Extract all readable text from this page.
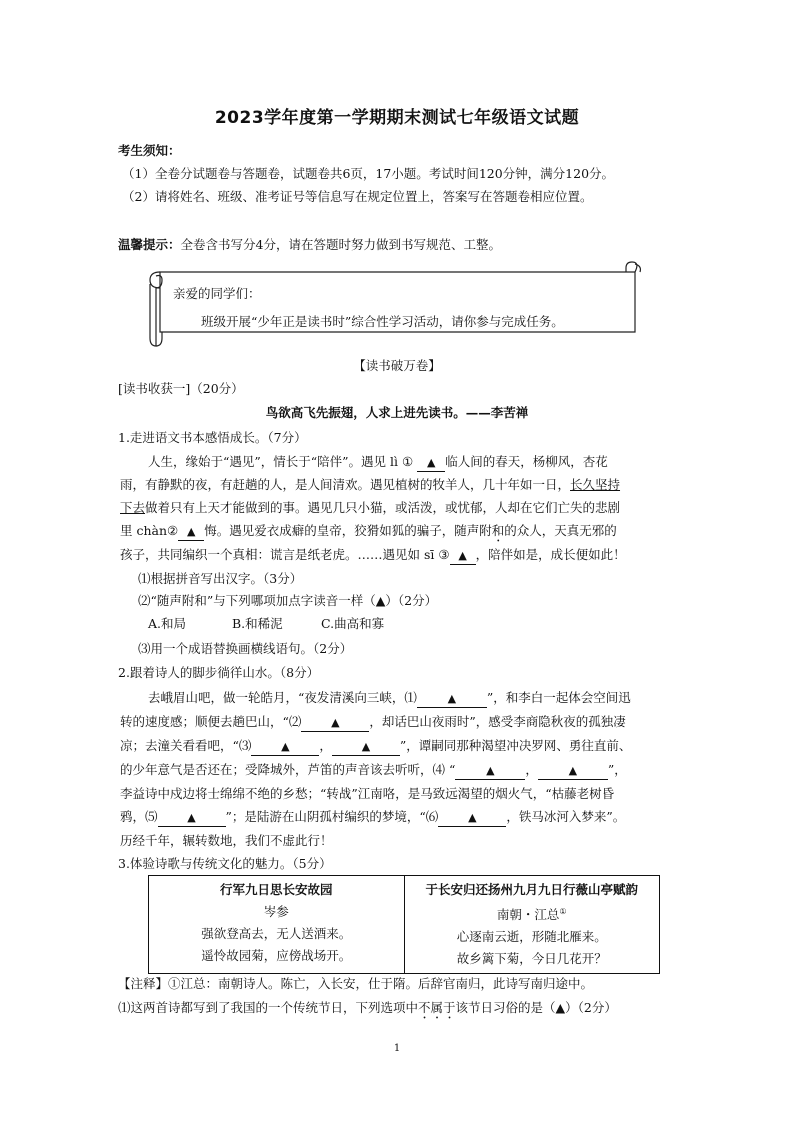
2023学年度第一学期期末测试七年级语文试题
考生须知：
（1）全卷分试题卷与答题卷，试题卷共6页，17小题。考试时间120分钟，满分120分。
（2）请将姓名、班级、准考证号等信息写在规定位置上，答案写在答题卷相应位置。
温馨提示：全卷含书写分4分，请在答题时努力做到书写规范、工整。
亲爱的同学们：
班级开展“少年正是读书时”综合性学习活动，请你参与完成任务。
【读书破万卷】
[读书收获一]（20分）
鸟欲高飞先振翅，人求上进先读书。——李苦禅
1.走进语文书本感悟成长。（7分）
人生，缘始于“遇见”，情长于“陪伴”。遇见 lì ① ▲ 临人间的春天，杨柳风，杏花
雨，有静默的夜，有赶趟的人，是人间清欢。遇见植树的牧羊人，几十年如一日，长久坚持
下去做着只有上天才能做到的事。遇见几只小猫，或活泼，或忧郁，人却在它们亡失的悲剧
里 chàn② ▲ 悔。遇见爱衣成癖的皇帝，狡猾如狐的骗子，随声附和的众人，天真无邪的
孩子，共同编织一个真相：谎言是纸老虎。……遇见如 sī ③ ▲ ，陪伴如是，成长便如此！
⑴根据拼音写出汉字。（3分）
⑵“随声附和”与下列哪项加点字读音一样（▲）（2分）
A.和局	B.和稀泥	C.曲高和寡
⑶用一个成语替换画横线语句。（2分）
2.跟着诗人的脚步徜徉山水。（8分）
去峨眉山吧，做一轮皓月，“夜发清溪向三峡，⑴	▲ ”，和李白一起体会空间迅
转的速度感；顺便去趟巴山，“⑵	▲ ，却话巴山夜雨时”，感受李商隐秋夜的孤独凄
凉；去潼关看看吧，“⑶	▲ ，	▲ ”，谭嗣同那种渴望冲决罗网、勇往直前、
的少年意气是否还在；受降城外，芦笛的声音该去听听，⑷ “	▲ ，	▲ ”，
李益诗中戍边将士绵绵不绝的乡愁；“转战”江南咯，是马致远渴望的烟火气，“枯藤老树昏
鸦，⑸	▲ ”；是陆游在山阴孤村编织的梦境，“⑹	▲ ，铁马冰河入梦来”。
历经千年，辗转数地，我们不虚此行！
3.体验诗歌与传统文化的魅力。（5分）
行军九日思长安故园
岑参
强欲登高去，无人送酒来。
遥怜故园菊，应傍战场开。

于长安归还扬州九月九日行薇山亭赋韵
南朝・江总①
心逐南云逝，形随北雁来。
故乡篱下菊，今日几花开？
【注释】①江总：南朝诗人。陈亡，入长安，仕于隋。后辞官南归，此诗写南归途中。
⑴这两首诗都写到了我国的一个传统节日，下列选项中不属于该节日习俗的是（▲）（2分）
1
